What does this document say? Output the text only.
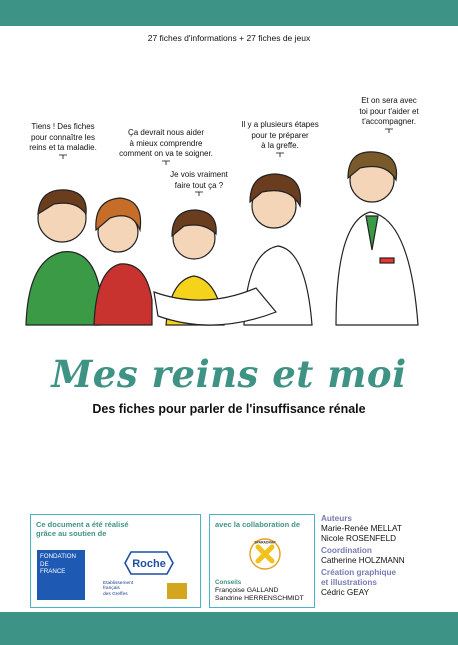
27 fiches d'informations + 27 fiches de jeux
Tiens ! Des fiches
pour connaître les
reins et ta maladie.
Ça devrait nous aider
à mieux comprendre
comment on va te soigner.
Je vois vraiment
faire tout ça ?
Il y a plusieurs étapes
pour te préparer
à la greffe.
Et on sera avec
toi pour t'aider et
t'accompagner.
Mes reins et moi
Des fiches pour parler de l'insuffisance rénale
Ce document a été réalisé
grâce au soutien de
FONDATION
DE
FRANCE
Roche
Etablissement
français
des Greffes
avec la collaboration de
SPARADRAP
Conseils
Françoise GALLAND
Sandrine HERRENSCHMIDT
Auteurs
Marie-Renée MELLAT
Nicole ROSENFELD
Coordination
Catherine HOLZMANN
Création graphique
et illustrations
Cédric GEAY
